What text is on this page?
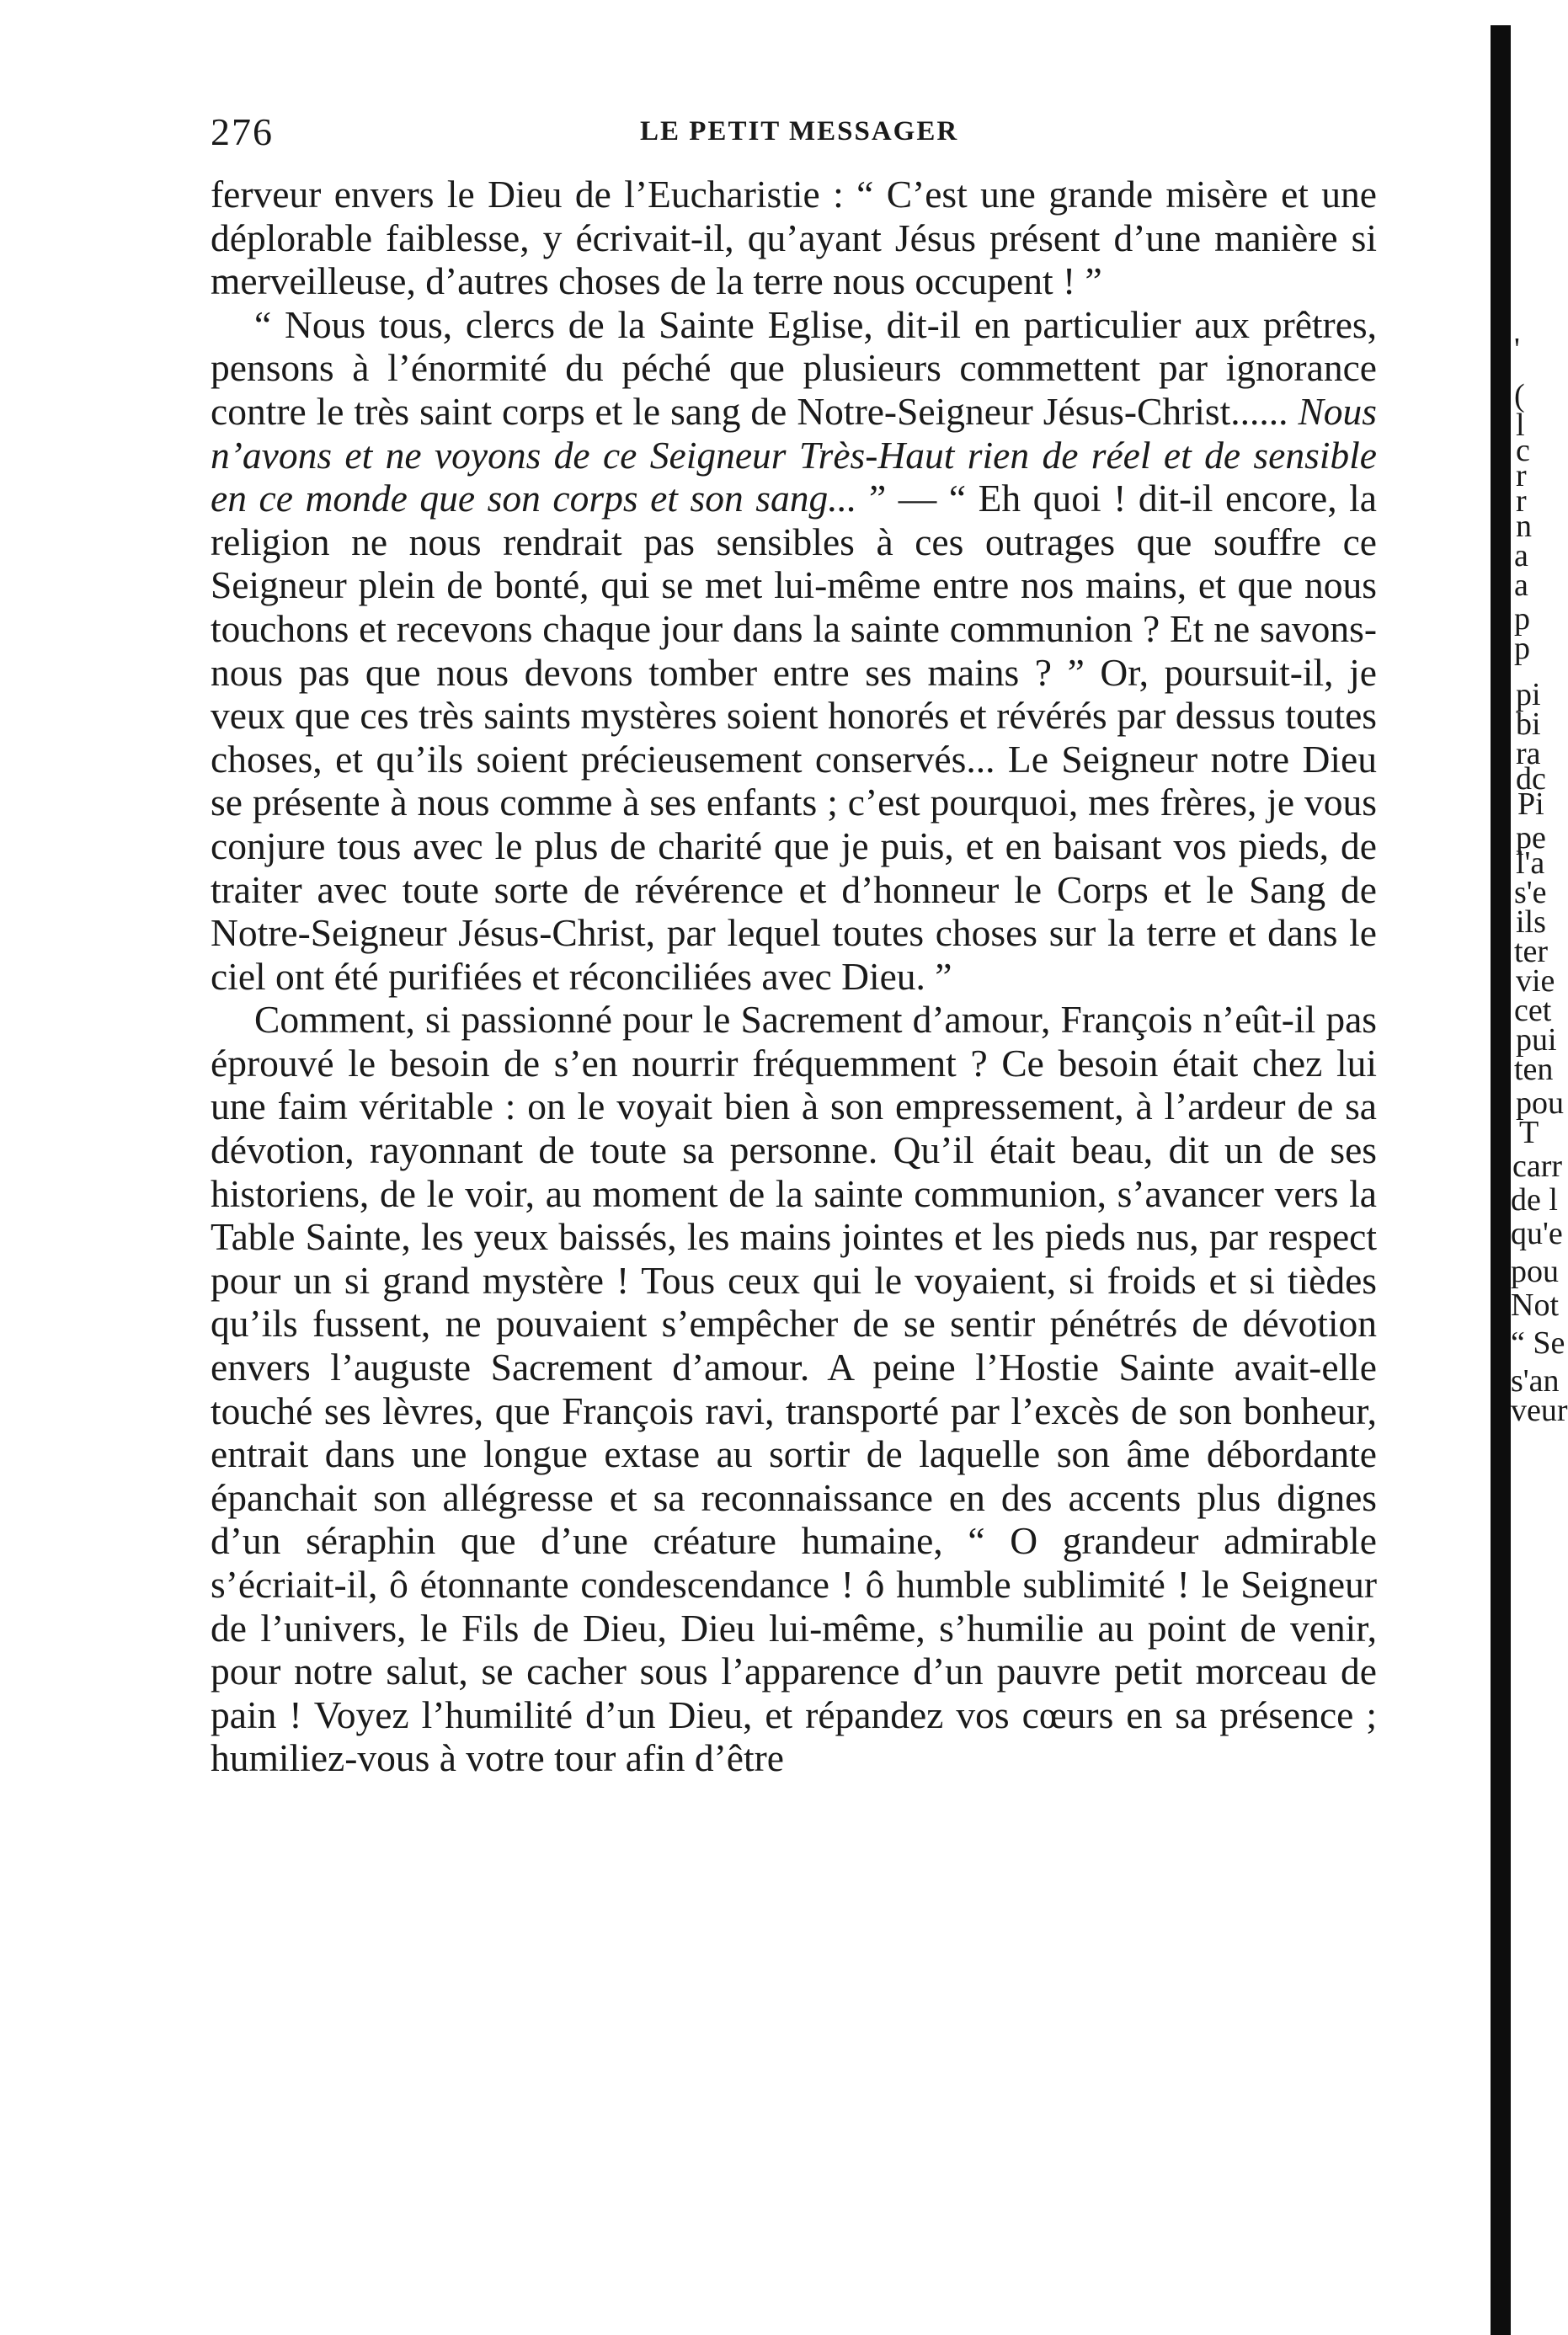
276	LE PETIT MESSAGER

ferveur envers le Dieu de l’Eucharistie : “ C’est une grande misère et une déplorable faiblesse, y écrivait-il, qu’ayant Jésus présent d’une manière si merveilleuse, d’autres choses de la terre nous occupent ! ”

“ Nous tous, clercs de la Sainte Eglise, dit-il en particulier aux prêtres, pensons à l’énormité du péché que plusieurs commettent par ignorance contre le très saint corps et le sang de Notre-Seigneur Jésus-Christ...... Nous n’avons et ne voyons de ce Seigneur Très-Haut rien de réel et de sensible en ce monde que son corps et son sang... ” — “ Eh quoi ! dit-il encore, la religion ne nous rendrait pas sensibles à ces outrages que souffre ce Seigneur plein de bonté, qui se met lui-même entre nos mains, et que nous touchons et recevons chaque jour dans la sainte communion ? Et ne savons-nous pas que nous devons tomber entre ses mains ? ” Or, poursuit-il, je veux que ces très saints mystères soient honorés et révérés par dessus toutes choses, et qu’ils soient précieusement conservés... Le Seigneur notre Dieu se présente à nous comme à ses enfants ; c’est pourquoi, mes frères, je vous conjure tous avec le plus de charité que je puis, et en baisant vos pieds, de traiter avec toute sorte de révérence et d’honneur le Corps et le Sang de Notre-Seigneur Jésus-Christ, par lequel toutes choses sur la terre et dans le ciel ont été purifiées et réconciliées avec Dieu. ”

Comment, si passionné pour le Sacrement d’amour, François n’eût-il pas éprouvé le besoin de s’en nourrir fréquemment ? Ce besoin était chez lui une faim véritable : on le voyait bien à son empressement, à l’ardeur de sa dévotion, rayonnant de toute sa personne. Qu’il était beau, dit un de ses historiens, de le voir, au moment de la sainte communion, s’avancer vers la Table Sainte, les yeux baissés, les mains jointes et les pieds nus, par respect pour un si grand mystère ! Tous ceux qui le voyaient, si froids et si tièdes qu’ils fussent, ne pouvaient s’empêcher de se sentir pénétrés de dévotion envers l’auguste Sacrement d’amour. A peine l’Hostie Sainte avait-elle touché ses lèvres, que François ravi, transporté par l’excès de son bonheur, entrait dans une longue extase au sortir de laquelle son âme débordante épanchait son allégresse et sa reconnaissance en des accents plus dignes d’un séraphin que d’une créature humaine, “ O grandeur admirable s’écriait-il, ô étonnante condescendance ! ô humble sublimité ! le Seigneur de l’univers, le Fils de Dieu, Dieu lui-même, s’humilie au point de venir, pour notre salut, se cacher sous l’apparence d’un pauvre petit morceau de pain ! Voyez l’humilité d’un Dieu, et répandez vos cœurs en sa présence ; humiliez-vous à votre tour afin d’être

'
(
l
c
r
r
n
a
a
p
p
pi
bi
ra
dc
Pi
pe
l'a
s'e
ils
ter
vie
cet
pui
ten
pou
T
carr
de l
qu'e
pou
Not
“ Se
s'an
veur
